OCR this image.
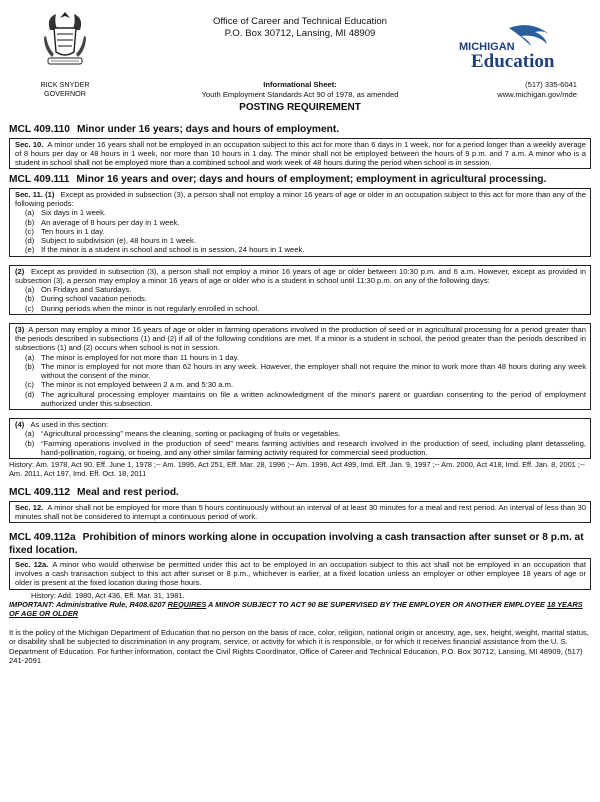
RICK SNYDER
GOVERNOR
Office of Career and Technical Education
P.O. Box 30712, Lansing, MI 48909
Informational Sheet:
Youth Employment Standards Act 90 of 1978, as amended
MICHIGAN
Education
(517) 335-6041
www.michigan.gov/mde
POSTING REQUIREMENT
MCL 409.110 Minor under 16 years; days and hours of employment.
Sec. 10. A minor under 16 years shall not be employed in an occupation subject to this act for more than 6 days in 1 week, nor for a period longer than a weekly average of 8 hours per day or 48 hours in 1 week, nor more than 10 hours in 1 day. The minor shall not be employed between the hours of 9 p.m. and 7 a.m. A minor who is a student in school shall not be employed more than a combined school and work week of 48 hours during the period when school is in session.
MCL 409.111 Minor 16 years and over; days and hours of employment; employment in agricultural processing.
Sec. 11. (1) Except as provided in subsection (3), a person shall not employ a minor 16 years of age or older in an occupation subject to this act for more than any of the following periods:
(a) Six days in 1 week.
(b) An average of 8 hours per day in 1 week.
(c) Ten hours in 1 day.
(d) Subject to subdivision (e), 48 hours in 1 week.
(e) If the minor is a student in school and school is in session, 24 hours in 1 week.
(2) Except as provided in subsection (3), a person shall not employ a minor 16 years of age or older between 10:30 p.m. and 6 a.m. However, except as provided in subsection (3), a person may employ a minor 16 years of age or older who is a student in school until 11:30 p.m. on any of the following days:
(a) On Fridays and Saturdays.
(b) During school vacation periods.
(c) During periods when the minor is not regularly enrolled in school.
(3) A person may employ a minor 16 years of age or older in farming operations involved in the production of seed or in agricultural processing for a period greater than the periods described in subsections (1) and (2) if all of the following conditions are met. If a minor is a student in school, the period greater than the periods described in subsections (1) and (2) occurs when school is not in session.
(a) The minor is employed for not more than 11 hours in 1 day.
(b) The minor is employed for not more than 62 hours in any week. However, the employer shall not require the minor to work more than 48 hours during any week without the consent of the minor.
(c) The minor is not employed between 2 a.m. and 5:30 a.m.
(d) The agricultural processing employer maintains on file a written acknowledgment of the minor's parent or guardian consenting to the period of employment authorized under this subsection.
(4) As used in this section:
(a) “Agricultural processing” means the cleaning, sorting or packaging of fruits or vegetables.
(b) “Farming operations involved in the production of seed” means farming activities and research involved in the production of seed, including plant detasseling, hand-pollination, roguing, or hoeing, and any other similar farming activity required for commercial seed production.
History: Am. 1978, Act 90, Eff. June 1, 1978 ;-- Am. 1995, Act 251, Eff. Mar. 28, 1996 ;-- Am. 1996, Act 499, Imd. Eff. Jan. 9, 1997 ;-- Am. 2000, Act 418, Imd. Eff. Jan. 8, 2001 ;-- Am. 2011, Act 197, Imd. Eff. Oct. 18, 2011
MCL 409.112 Meal and rest period.
Sec. 12. A minor shall not be employed for more than 5 hours continuously without an interval of at least 30 minutes for a meal and rest period. An interval of less than 30 minutes shall not be considered to interrupt a continuous period of work.
MCL 409.112a Prohibition of minors working alone in occupation involving a cash transaction after sunset or 8 p.m. at fixed location.
Sec. 12a. A minor who would otherwise be permitted under this act to be employed in an occupation subject to this act shall not be employed in an occupation that involves a cash transaction subject to this act after sunset or 8 p.m., whichever is earlier, at a fixed location unless an employer or other employee 18 years of age or older is present at the fixed location during those hours.
History: Add. 1980, Act 436, Eff. Mar. 31, 1981.
IMPORTANT: Administrative Rule, R408.6207 REQUIRES A MINOR SUBJECT TO ACT 90 BE SUPERVISED BY THE EMPLOYER OR ANOTHER EMPLOYEE 18 YEARS OF AGE OR OLDER
It is the policy of the Michigan Department of Education that no person on the basis of race, color, religion, national origin or ancestry, age, sex, height, weight, marital status, or disability shall be subjected to discrimination in any program, service, or activity for which it is responsible, or for which it receives financial assistance from the U. S. Department of Education. For further information, contact the Civil Rights Coordinator, Office of Career and Technical Education, P.O. Box 30712, Lansing, MI 48909, (517) 241-2091
